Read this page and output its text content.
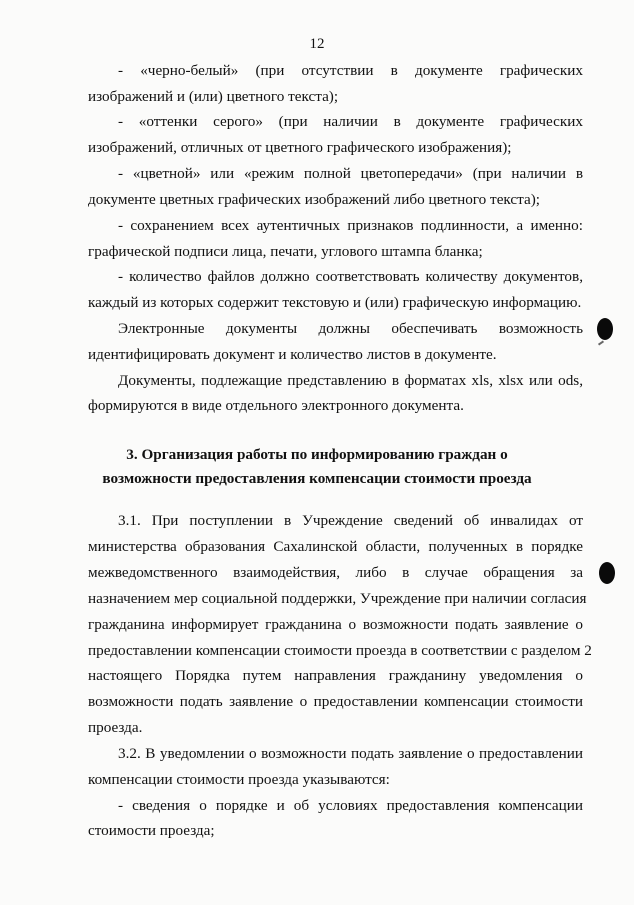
12
- «черно-белый» (при отсутствии в документе графических
изображений и (или) цветного текста);
- «оттенки серого» (при наличии в документе графических
изображений, отличных от цветного графического изображения);
- «цветной» или «режим полной цветопередачи» (при наличии в
документе цветных графических изображений либо цветного текста);
- сохранением всех аутентичных признаков подлинности, а именно:
графической подписи лица, печати, углового штампа бланка;
- количество файлов должно соответствовать количеству документов,
каждый из которых содержит текстовую и (или) графическую информацию.
Электронные документы должны обеспечивать возможность
идентифицировать документ и количество листов в документе.
Документы, подлежащие представлению в форматах xls, xlsx или ods,
формируются в виде отдельного электронного документа.
3. Организация работы по информированию граждан о
возможности предоставления компенсации стоимости проезда
3.1. При поступлении в Учреждение сведений об инвалидах от
министерства образования Сахалинской области, полученных в порядке
межведомственного взаимодействия, либо в случае обращения за
назначением мер социальной поддержки, Учреждение при наличии согласия
гражданина информирует гражданина о возможности подать заявление о
предоставлении компенсации стоимости проезда в соответствии с разделом 2
настоящего Порядка путем направления гражданину уведомления о
возможности подать заявление о предоставлении компенсации стоимости
проезда.
3.2. В уведомлении о возможности подать заявление о предоставлении
компенсации стоимости проезда указываются:
- сведения о порядке и об условиях предоставления компенсации
стоимости проезда;
